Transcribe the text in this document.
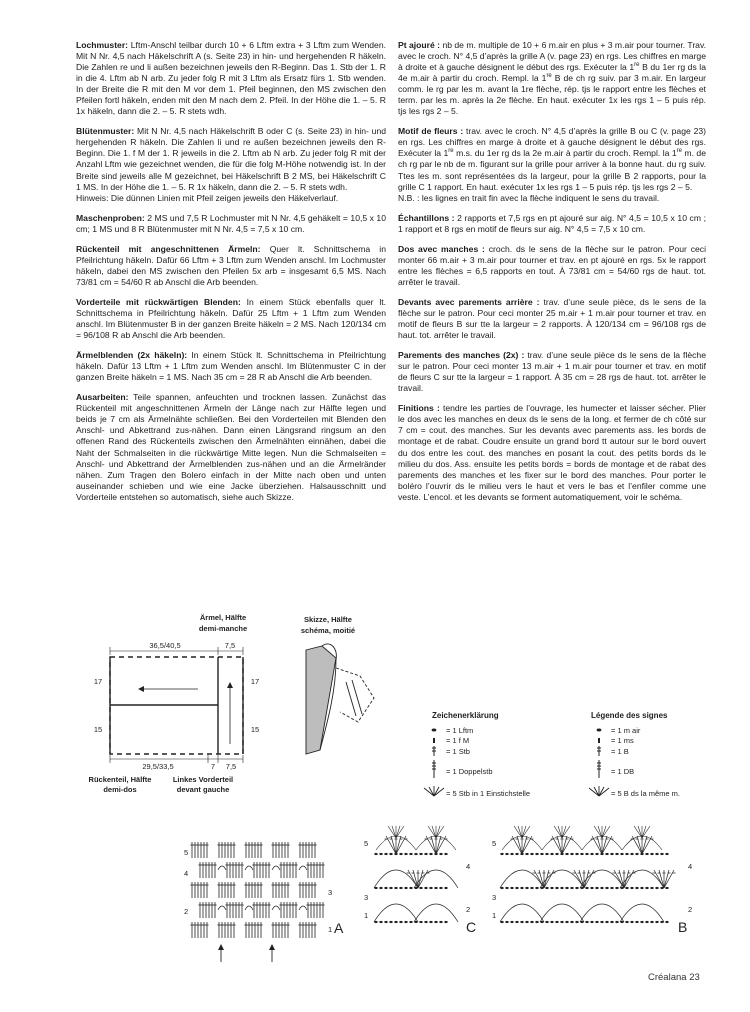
Lochmuster: Lftm-Anschl teilbar durch 10 + 6 Lftm extra + 3 Lftm zum Wenden. Mit N Nr. 4,5 nach Häkelschrift A (s. Seite 23) in hin- und hergehenden R häkeln. Die Zahlen re und li außen bezeichnen jeweils den R-Beginn. Das 1. Stb der 1. R in die 4. Lftm ab N arb. Zu jeder folg R mit 3 Lftm als Ersatz fürs 1. Stb wenden. In der Breite die R mit den M vor dem 1. Pfeil beginnen, den MS zwischen den Pfeilen fortl häkeln, enden mit den M nach dem 2. Pfeil. In der Höhe die 1. – 5. R 1x häkeln, dann die 2. – 5. R stets wdh.

Blütenmuster: Mit N Nr. 4,5 nach Häkelschrift B oder C (s. Seite 23) in hin- und hergehenden R häkeln. Die Zahlen li und re außen bezeichnen jeweils den R-Beginn. Die 1. f M der 1. R jeweils in die 2. Lftm ab N arb. Zu jeder folg R mit der Anzahl Lftm wie gezeichnet wenden, die für die folg M-Höhe notwendig ist. In der Breite sind jeweils alle M gezeichnet, bei Häkelschrift B 2 MS, bei Häkelschrift C 1 MS. In der Höhe die 1. – 5. R 1x häkeln, dann die 2. – 5. R stets wdh.

Hinweis: Die dünnen Linien mit Pfeil zeigen jeweils den Häkelverlauf.

Maschenproben: 2 MS und 7,5 R Lochmuster mit N Nr. 4,5 gehäkelt = 10,5 x 10 cm; 1 MS und 8 R Blütenmuster mit N Nr. 4,5 = 7,5 x 10 cm.

Rückenteil mit angeschnittenen Ärmeln: Quer lt. Schnittschema in Pfeilrichtung häkeln. Dafür 66 Lftm + 3 Lftm zum Wenden anschl. Im Lochmuster häkeln, dabei den MS zwischen den Pfeilen 5x arb = insgesamt 6,5 MS. Nach 73/81 cm = 54/60 R ab Anschl die Arb beenden.

Vorderteile mit rückwärtigen Blenden: In einem Stück ebenfalls quer lt. Schnittschema in Pfeilrichtung häkeln. Dafür 25 Lftm + 1 Lftm zum Wenden anschl. Im Blütenmuster B in der ganzen Breite häkeln = 2 MS. Nach 120/134 cm = 96/108 R ab Anschl die Arb beenden.

Ärmelblenden (2x häkeln): In einem Stück lt. Schnittschema in Pfeilrichtung häkeln. Dafür 13 Lftm + 1 Lftm zum Wenden anschl. Im Blütenmuster C in der ganzen Breite häkeln = 1 MS. Nach 35 cm = 28 R ab Anschl die Arb beenden.

Ausarbeiten: Teile spannen, anfeuchten und trocknen lassen. Zunächst das Rückenteil mit angeschnittenen Ärmeln der Länge nach zur Hälfte legen und beids je 7 cm als Ärmelnähte schließen. Bei den Vorderteilen mit Blenden den Anschl- und Abkettrand zus-nähen. Dann einen Längsrand ringsum an den offenen Rand des Rückenteils zwischen den Ärmelnähten einnähen, dabei die Naht der Schmalseiten in die rückwärtige Mitte legen. Nun die Schmalseiten = Anschl- und Abkettrand der Ärmelblenden zus-nähen und an die Ärmelränder nähen. Zum Tragen den Bolero einfach in der Mitte nach oben und unten auseinander schieben und wie eine Jacke überziehen. Halsausschnitt und Vorderteile entstehen so automatisch, siehe auch Skizze.

Pt ajouré : nb de m. multiple de 10 + 6 m.air en plus + 3 m.air pour tourner. Trav. avec le croch. N° 4,5 d’après la grille A (v. page 23) en rgs. Les chiffres en marge à droite et à gauche désignent le début des rgs. Exécuter la 1re B du 1er rg ds la 4e m.air à partir du croch. Rempl. la 1re B de ch rg suiv. par 3 m.air. En largeur comm. le rg par les m. avant la 1re flèche, rép. tjs le rapport entre les flèches et term. par les m. après la 2e flèche. En haut. exécuter 1x les rgs 1 – 5 puis rép. tjs les rgs 2 – 5.

Motif de fleurs : trav. avec le croch. N° 4,5 d’après la grille B ou C (v. page 23) en rgs. Les chiffres en marge à droite et à gauche désignent le début des rgs. Exécuter la 1re m.s. du 1er rg ds la 2e m.air à partir du croch. Rempl. la 1re m. de ch rg par le nb de m. figurant sur la grille pour arriver à la bonne haut. du rg suiv. Ttes les m. sont représentées ds la largeur, pour la grille B 2 rapports, pour la grille C 1 rapport. En haut. exécuter 1x les rgs 1 – 5 puis rép. tjs les rgs 2 – 5.

N.B. : les lignes en trait fin avec la flèche indiquent le sens du travail.

Échantillons : 2 rapports et 7,5 rgs en pt ajouré sur aig. N° 4,5 = 10,5 x 10 cm ; 1 rapport et 8 rgs en motif de fleurs sur aig. N° 4,5 = 7,5 x 10 cm.

Dos avec manches : croch. ds le sens de la flèche sur le patron. Pour ceci monter 66 m.air + 3 m.air pour tourner et trav. en pt ajouré en rgs. 5x le rapport entre les flèches = 6,5 rapports en tout. À 73/81 cm = 54/60 rgs de haut. tot. arrêter le travail.

Devants avec parements arrière : trav. d’une seule pièce, ds le sens de la flèche sur le patron. Pour ceci monter 25 m.air + 1 m.air pour tourner et trav. en motif de fleurs B sur tte la largeur = 2 rapports. À 120/134 cm = 96/108 rgs de haut. tot. arrêter le travail.

Parements des manches (2x) : trav. d’une seule pièce ds le sens de la flèche sur le patron. Pour ceci monter 13 m.air + 1 m.air pour tourner et trav. en motif de fleurs C sur tte la largeur = 1 rapport. À 35 cm = 28 rgs de haut. tot. arrêter le travail.

Finitions : tendre les parties de l’ouvrage, les humecter et laisser sécher. Plier le dos avec les manches en deux ds le sens de la long. et fermer de ch côté sur 7 cm = cout. des manches. Sur les devants avec parements ass. les bords de montage et de rabat. Coudre ensuite un grand bord tt autour sur le bord ouvert du dos entre les cout. des manches en posant la cout. des petits bords ds le milieu du dos. Ass. ensuite les petits bords = bords de montage et de rabat des parements des manches et les fixer sur le bord des manches. Pour porter le boléro l’ouvrir ds le milieu vers le haut et vers le bas et l’enfiler comme une veste. L’encol. et les devants se forment automatiquement, voir le schéma.

Ärmel, Hälfte
demi-manche
36,5/40,5	7,5
17
15
17
15
29,5/33,5	7 7,5
Rückenteil, Hälfte
demi-dos
Linkes Vorderteil
devant gauche
Skizze, Hälfte
schéma, moitié
Zeichenerklärung
= 1 Lftm
= 1 f M
= 1 Stb
= 1 Doppelstb
= 5 Stb in 1 Einstichstelle
Légende des signes
= 1 m air
= 1 ms
= 1 B
= 1 DB
= 5 B ds la même m.
5
4
3
2
1 A
5
4
3
2
1
C
5
4
3
2
1
B
Créalana 23
